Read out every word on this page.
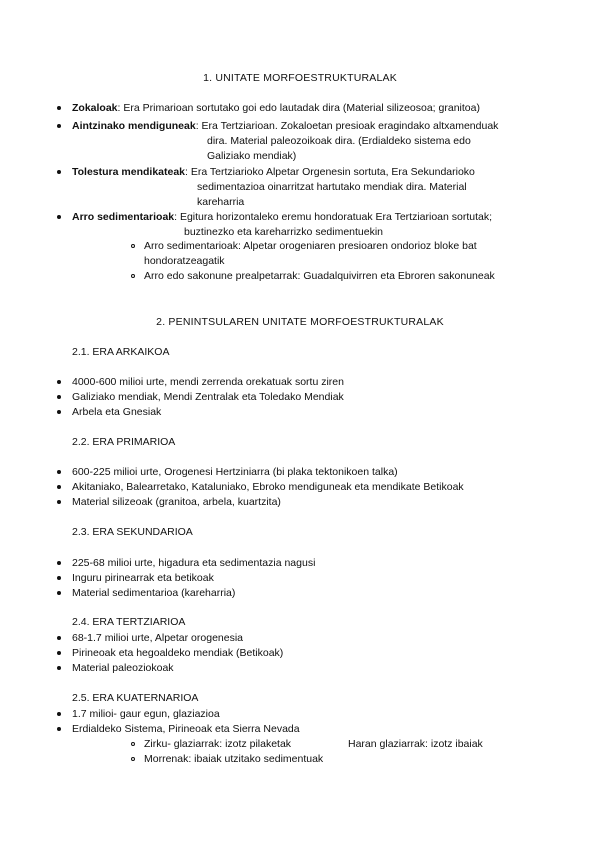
1. UNITATE MORFOESTRUKTURALAK
Zokaloak: Era Primarioan sortutako goi edo lautadak dira (Material silizeosoa; granitoa)
Aintzinako mendiguneak: Era Tertziarioan. Zokaloetan presioak eragindako altxamenduak
dira. Material paleozoikoak dira. (Erdialdeko sistema edo
Galiziako mendiak)
Tolestura mendikateak: Era Tertziarioko Alpetar Orgenesin sortuta, Era Sekundarioko
sedimentazioa oinarritzat hartutako mendiak dira. Material
kareharria
Arro sedimentarioak: Egitura horizontaleko eremu hondoratuak Era Tertziarioan sortutak;
buztinezko eta kareharrizko sedimentuekin
Arro sedimentarioak: Alpetar orogeniaren presioaren ondorioz bloke bat
hondoratzeagatik
Arro edo sakonune prealpetarrak: Guadalquivirren eta Ebroren sakonuneak
2. PENINTSULAREN UNITATE MORFOESTRUKTURALAK
2.1. ERA ARKAIKOA
4000-600 milioi urte, mendi zerrenda orekatuak sortu ziren
Galiziako mendiak, Mendi Zentralak eta Toledako Mendiak
Arbela eta Gnesiak
2.2. ERA PRIMARIOA
600-225 milioi urte, Orogenesi Hertziniarra (bi plaka tektonikoen talka)
Akitaniako, Balearretako, Kataluniako, Ebroko mendiguneak eta mendikate Betikoak
Material silizeoak (granitoa, arbela, kuartzita)
2.3. ERA SEKUNDARIOA
225-68 milioi urte, higadura eta sedimentazia nagusi
Inguru pirinearrak eta betikoak
Material sedimentarioa (kareharria)
2.4. ERA TERTZIARIOA
68-1.7 milioi urte, Alpetar orogenesia
Pirineoak eta hegoaldeko mendiak (Betikoak)
Material paleoziokoak
2.5. ERA KUATERNARIOA
1.7 milioi- gaur egun, glaziazioa
Erdialdeko Sistema, Pirineoak eta Sierra Nevada
Zirku- glaziarrak: izotz pilaketak	Haran glaziarrak: izotz ibaiak
Morrenak: ibaiak utzitako sedimentuak
